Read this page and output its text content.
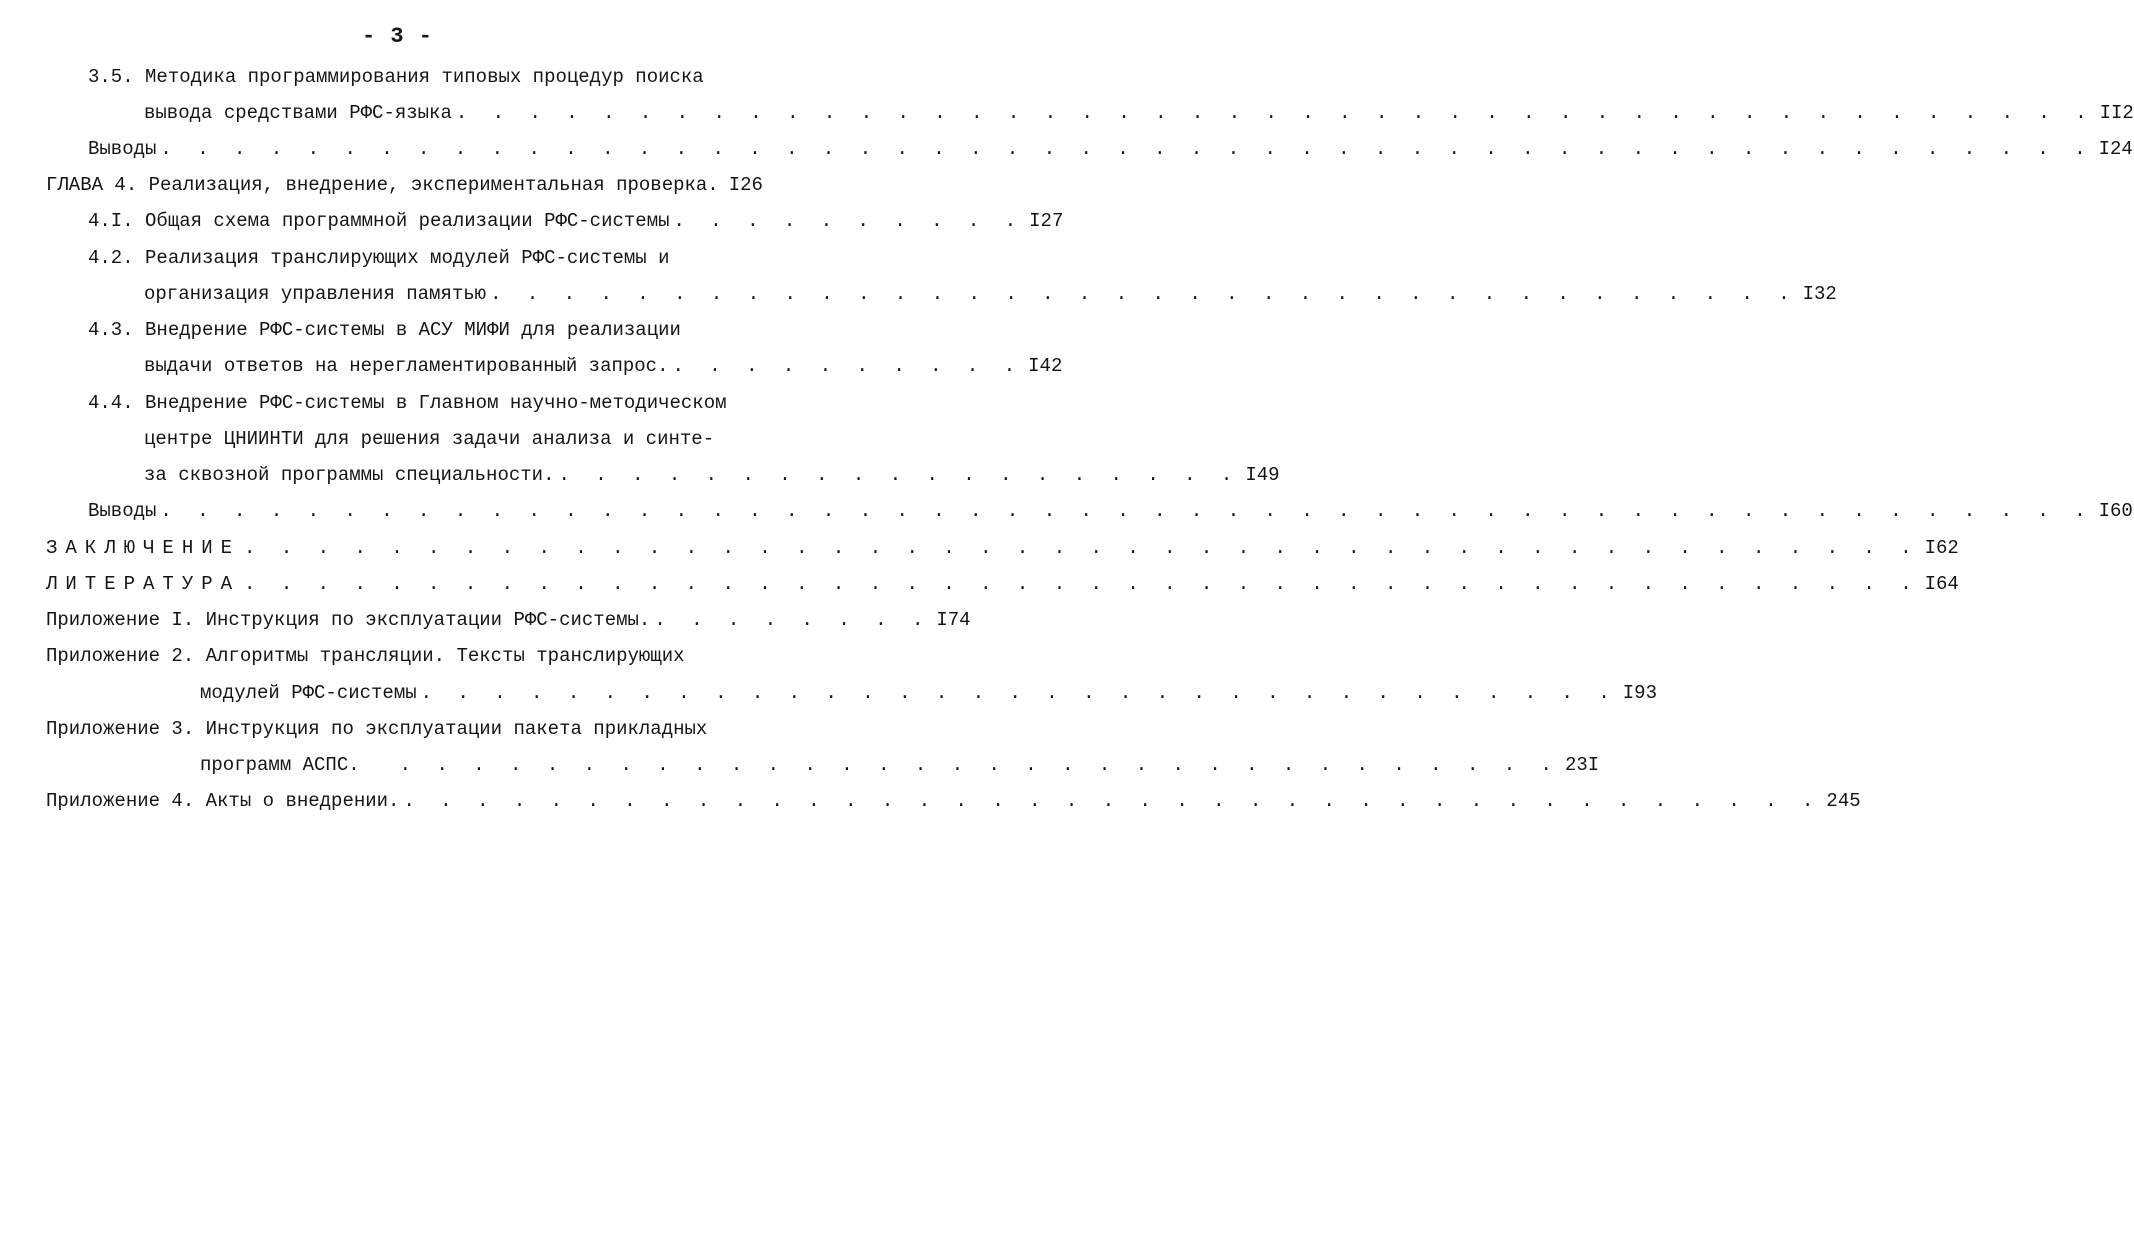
- 3 -
3.5. Методика программирования типовых процедур поиска
вывода средствами РФС-языка . . . . . . . . . . . . . . . . . . . . . . . . . . . . . . . . . . . . . . . . . . . . . II2
Выводы . . . . . . . . . . . . . . . . . . . . . . . . . . . . . . . . . . . . . . . . . . . . . . . . . . . . . I24
ГЛАВА 4. Реализация, внедрение, экспериментальная проверка. I26
4.I. Общая схема программной реализации РФС-системы . . . . . . . . . . I27
4.2. Реализация транслирующих модулей РФС-системы и
организация управления памятью . . . . . . . . . . . . . . . . . . . . . . . . . . . . . . . . . . . . I32
4.3. Внедрение РФС-системы в АСУ МИФИ для реализации
выдачи ответов на нерегламентированный запрос. . . . . . . . . . . I42
4.4. Внедрение РФС-системы в Главном научно-методическом
центре ЦНИИНТИ для решения задачи анализа и синте-
за сквозной программы специальности. . . . . . . . . . . . . . . . . . . . I49
Выводы . . . . . . . . . . . . . . . . . . . . . . . . . . . . . . . . . . . . . . . . . . . . . . . . . . . . . I60
ЗАКЛЮЧЕНИЕ . . . . . . . . . . . . . . . . . . . . . . . . . . . . . . . . . . . . . . . . . . . . . . I62
ЛИТЕРАТУРА . . . . . . . . . . . . . . . . . . . . . . . . . . . . . . . . . . . . . . . . . . . . . . I64
Приложение I. Инструкция по эксплуатации РФС-системы. . . . . . . . . I74
Приложение 2. Алгоритмы трансляции. Тексты транслирующих
модулей РФС-системы . . . . . . . . . . . . . . . . . . . . . . . . . . . . . . . . . I93
Приложение 3. Инструкция по эксплуатации пакета прикладных
программ АСПС.	. . . . . . . . . . . . . . . . . . . . . . . . . . . . . . . . 23I
Приложение 4. Акты о внедрении. . . . . . . . . . . . . . . . . . . . . . . . . . . . . . . . . . . . . . . . 245
